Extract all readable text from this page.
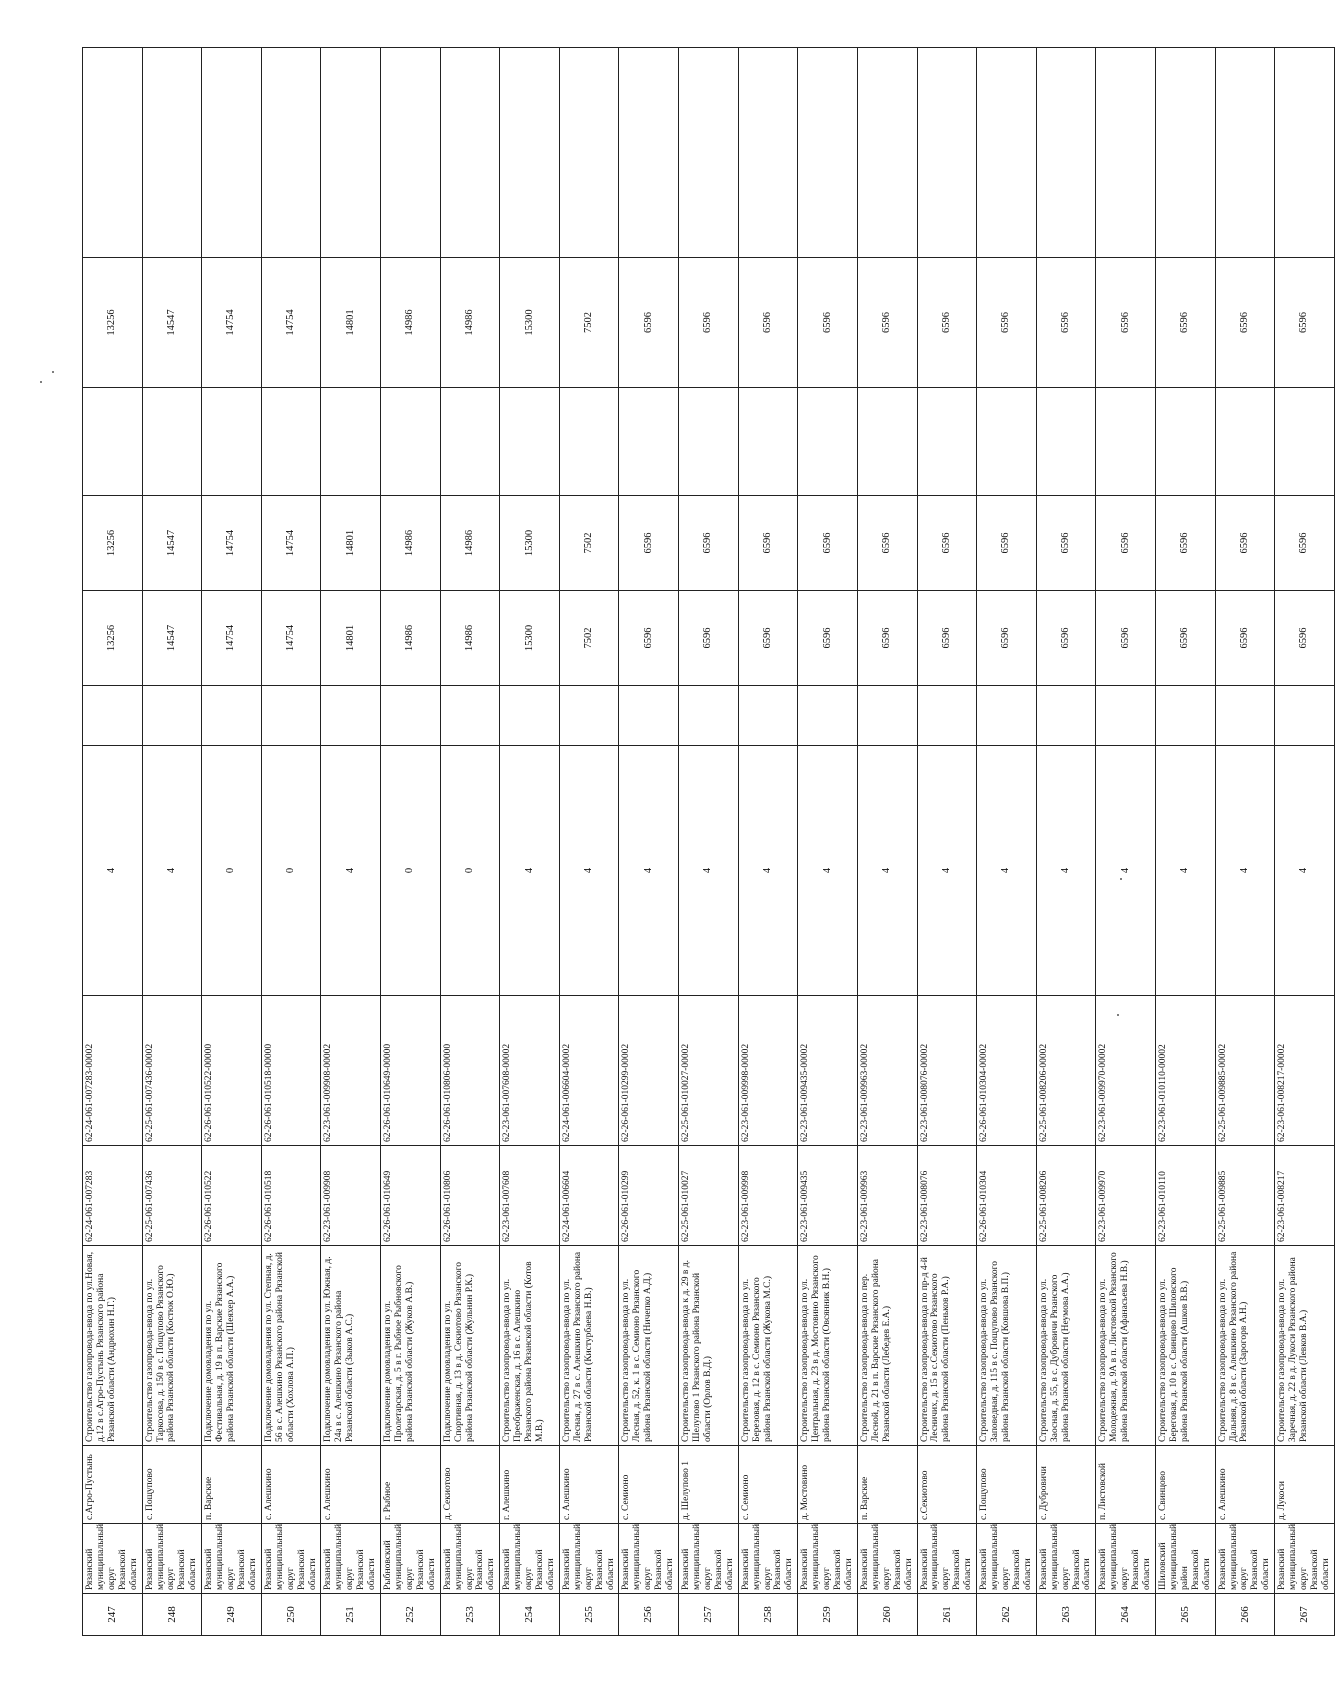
247	Рязанский муниципальный округ Рязанской области	с.Агро-Пустынь	Строительство газопровода-ввода по ул.Новая, д.12 в с.Агро-Пустынь Рязанского района Рязанской области (Андрюхин Н.Г.)	62-24-061-007283	62-24-061-007283-00002	4		13256	13256		13256	
248	Рязанский муниципальный округ Рязанской области	с. Пощупово	Строительство газопровода-ввода по ул. Таркосова, д. 150 в с. Пощупово Рязанского района Рязанской области (Костюк О.Ю.)	62-25-061-007436	62-25-061-007436-00002	4		14547	14547		14547	
249	Рязанский муниципальный округ Рязанской области	п. Варские	Подключение домовладения по ул. Фестивальная, д. 19 в п. Варские Рязанского района Рязанской области (Шеяхер А.А.)	62-26-061-010522	62-26-061-010522-00000	0		14754	14754		14754	
250	Рязанский муниципальный округ Рязанской области	с. Алешкино	Подключение домовладения по ул. Степная, д. 56 в с. Алешкино Рязанского района Рязанской области (Хохлова А.П.)	62-26-061-010518	62-26-061-010518-00000	0		14754	14754		14754	
251	Рязанский муниципальный округ Рязанской области	с. Алешкино	Подключение домовладения по ул. Южная, д. 24а в с. Алешкино Рязанского района Рязанской области (Зыков А.С.)	62-23-061-009908	62-23-061-009908-00002	4		14801	14801		14801	
252	Рыбновский муниципальный округ Рязанской области	г. Рыбное	Подключение домовладения по ул. Пролетарская, д. 5 в г. Рыбное Рыбновского района Рязанской области (Жуков А.В.)	62-26-061-010649	62-26-061-010649-00000	0		14986	14986		14986	
253	Рязанский муниципальный округ Рязанской области	д. Секиотово	Подключение домовладения по ул. Спортивная, д. 13 в д. Секиотово Рязанского района Рязанской области (Жульнин Р.К.)	62-26-061-010806	62-26-061-010806-00000	0		14986	14986		14986	
254	Рязанский муниципальный округ Рязанской области	г. Алешкино	Строительство газопровода-ввода по ул. Преображенская, д. 16 в с. Алешкино Рязанского района Рязанской области (Котов М.В.)	62-23-061-007608	62-23-061-007608-00002	4		15300	15300		15300	
255	Рязанский муниципальный округ Рязанской области	с. Алешкино	Строительство газопровода-ввода по ул. Лесная, д. 27 в с. Алешкино Рязанского района Рязанской области (Кистурбаева Н.В.)	62-24-061-006604	62-24-061-006604-00002	4		7502	7502		7502	
256	Рязанский муниципальный округ Рязанской области	с. Семионо	Строительство газопровода-ввода по ул. Лесная, д. 52, к. 1 в с. Семионо Рязанского района Рязанской области (Ничепко А.Д.)	62-26-061-010299	62-26-061-010299-00002	4		6596	6596		6596	
257	Рязанский муниципальный округ Рязанской области	д. Шелупово 1	Строительство газопровода-ввода к д. 29 в д. Шелупово 1 Рязанского района Рязанской области (Орлов В.Д.)	62-25-061-010027	62-25-061-010027-00002	4		6596	6596		6596	
258	Рязанский муниципальный округ Рязанской области	с. Семионо	Строительство газопровода-ввода по ул. Березовая, д. 12 в с. Семионо Рязанского района Рязанской области (Жукова М.С.)	62-23-061-009998	62-23-061-009998-00002	4		6596	6596		6596	
259	Рязанский муниципальный округ Рязанской области	д. Мостовино	Строительство газопровода-ввода по ул. Центральная, д. 23 в д. Мостовино Рязанского района Рязанской области (Овсянник В.Н.)	62-23-061-009435	62-23-061-009435-00002	4		6596	6596		6596	
260	Рязанский муниципальный округ Рязанской области	п. Варские	Строительство газопровода-ввода по пер. Лесной, д. 21 в п. Варские Рязанского района Рязанской области (Лебедев Е.А.)	62-23-061-009963	62-23-061-009963-00002	4		6596	6596		6596	
261	Рязанский муниципальный округ Рязанской области	с.Секиотово	Строительство газопровода-ввода по пр-д 4-й Лесничих, д. 15 в с.Секиотово Рязанского района Рязанской области (Пеньков Р.А.)	62-23-061-008076	62-23-061-008076-00002	4		6596	6596		6596	
262	Рязанский муниципальный округ Рязанской области	с. Пощупово	Строительство газопровода-ввода по ул. Заповедная, д. 115 в с. Пощупово Рязанского района Рязанской области (Ковшова В.П.)	62-26-061-010304	62-26-061-010304-00002	4		6596	6596		6596	
263	Рязанский муниципальный округ Рязанской области	с. Дубровичи	Строительство газопровода-ввода по ул. Заосная, д. 55, в с. Дубровичи Рязанского района Рязанской области (Неумова А.А.)	62-25-061-008206	62-25-061-008206-00002	4		6596	6596		6596	
264	Рязанский муниципальный округ Рязанской области	п. Листовской	Строительство газопровода-ввода по ул. Молодежная, д. 9А в п. Листовской Рязанского района Рязанской области (Афанасьева Н.В.)	62-23-061-009970	62-23-061-009970-00002	4		6596	6596		6596	
265	Шиловский муниципальный район Рязанской области	с. Свинцово	Строительство газопровода-ввода по ул. Береговая, д. 10 в с. Свинцово Шиловского района Рязанской области (Ашков В.В.)	62-23-061-010110	62-23-061-010110-00002	4		6596	6596		6596	
266	Рязанский муниципальный округ Рязанской области	с. Алешкино	Строительство газопровода-ввода по ул. Дальняя, д. 8 в с. Алешкино Рязанского района Рязанской области (Зарогорв А.Н.)	62-25-061-009885	62-25-061-009885-00002	4		6596	6596		6596	
267	Рязанский муниципальный округ Рязанской области	д. Лукоси	Строительство газопровода-ввода по ул. Заречная, д. 22 в д. Лукоси Рязанского района Рязанской области (Левков В.А.)	62-23-061-008217	62-23-061-008217-00002	4		6596	6596		6596	
